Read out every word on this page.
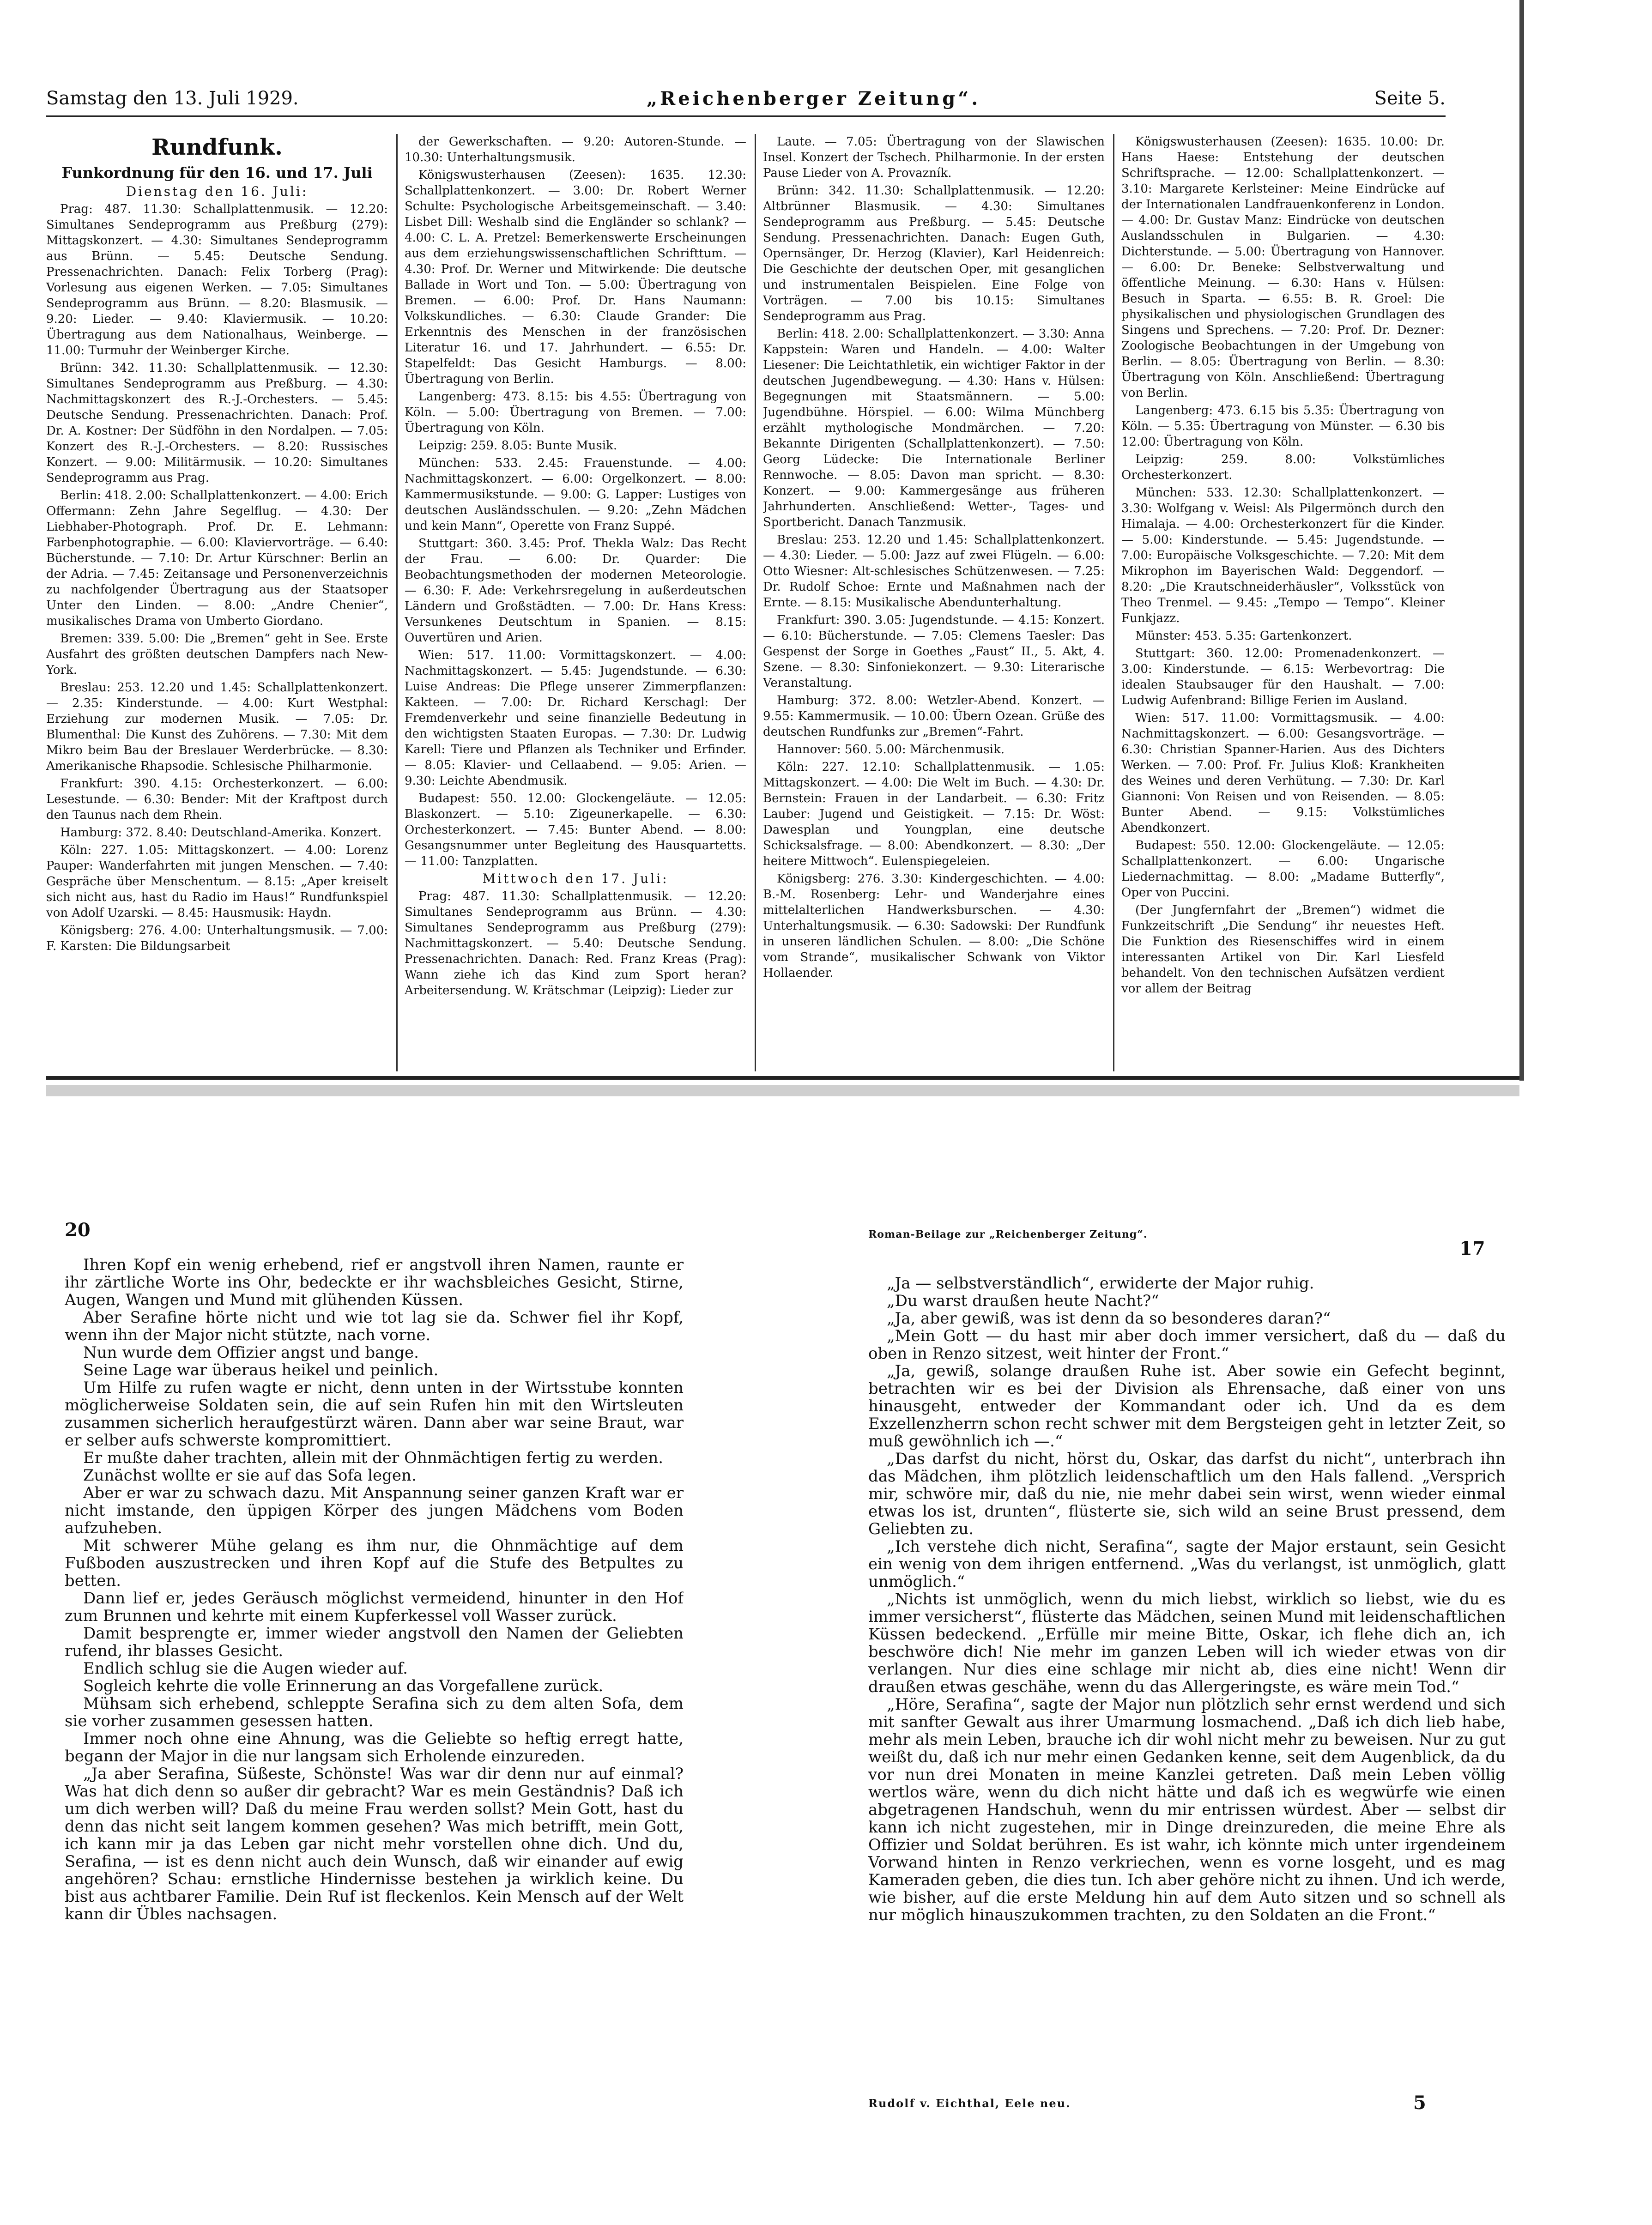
Samstag den 13. Juli 1929.	„Reichenberger Zeitung“.	Seite 5.
Rundfunk.
Funkordnung für den 16. und 17. Juli
Dienstag den 16. Juli:

Prag: 487. 11.30: Schallplattenmusik. — 12.20: Simultanes Sendeprogramm aus Preßburg (279): Mittagskonzert. — 4.30: Simultanes Sendeprogramm aus Brünn. — 5.45: Deutsche Sendung. Pressenachrichten. Danach: Felix Torberg (Prag): Vorlesung aus eigenen Werken. — 7.05: Simultanes Sendeprogramm aus Brünn. — 8.20: Blasmusik. — 9.20: Lieder. — 9.40: Klaviermusik. — 10.20: Übertragung aus dem Nationalhaus, Weinberge. — 11.00: Turmuhr der Weinberger Kirche.

Brünn: 342. 11.30: Schallplattenmusik. — 12.30: Simultanes Sendeprogramm aus Preßburg. — 4.30: Nachmittagskonzert des R.-J.-Orchesters. — 5.45: Deutsche Sendung. Pressenachrichten. Danach: Prof. Dr. A. Kostner: Der Südföhn in den Nordalpen. — 7.05: Konzert des R.-J.-Orchesters. — 8.20: Russisches Konzert. — 9.00: Militärmusik. — 10.20: Simultanes Sendeprogramm aus Prag.

Berlin: 418. 2.00: Schallplattenkonzert. — 4.00: Erich Offermann: Zehn Jahre Segelflug. — 4.30: Der Liebhaber-Photograph. Prof. Dr. E. Lehmann: Farbenphotographie. — 6.00: Klaviervorträge. — 6.40: Bücherstunde. — 7.10: Dr. Artur Kürschner: Berlin an der Adria. — 7.45: Zeitansage und Personenverzeichnis zu nachfolgender Übertragung aus der Staatsoper Unter den Linden. — 8.00: „Andre Chenier“, musikalisches Drama von Umberto Giordano.

Bremen: 339. 5.00: Die „Bremen“ geht in See. Erste Ausfahrt des größten deutschen Dampfers nach New-York.

Breslau: 253. 12.20 und 1.45: Schallplattenkonzert. — 2.35: Kinderstunde. — 4.00: Kurt Westphal: Erziehung zur modernen Musik. — 7.05: Dr. Blumenthal: Die Kunst des Zuhörens. — 7.30: Mit dem Mikro beim Bau der Breslauer Werderbrücke. — 8.30: Amerikanische Rhapsodie. Schlesische Philharmonie.

Frankfurt: 390. 4.15: Orchesterkonzert. — 6.00: Lesestunde. — 6.30: Bender: Mit der Kraftpost durch den Taunus nach dem Rhein.

Hamburg: 372. 8.40: Deutschland-Amerika. Konzert.

Köln: 227. 1.05: Mittagskonzert. — 4.00: Lorenz Pauper: Wanderfahrten mit jungen Menschen. — 7.40: Gespräche über Menschentum. — 8.15: „Aper kreiselt sich nicht aus, hast du Radio im Haus!“ Rundfunkspiel von Adolf Uzarski. — 8.45: Hausmusik: Haydn.

Königsberg: 276. 4.00: Unterhaltungsmusik. — 7.00: F. Karsten: Die Bildungsarbeit

der Gewerkschaften. — 9.20: Autoren-Stunde. — 10.30: Unterhaltungsmusik.

Königswusterhausen (Zeesen): 1635. 12.30: Schallplattenkonzert. — 3.00: Dr. Robert Werner Schulte: Psychologische Arbeitsgemeinschaft. — 3.40: Lisbet Dill: Weshalb sind die Engländer so schlank? — 4.00: C. L. A. Pretzel: Bemerkenswerte Erscheinungen aus dem erziehungswissenschaftlichen Schrifttum. — 4.30: Prof. Dr. Werner und Mitwirkende: Die deutsche Ballade in Wort und Ton. — 5.00: Übertragung von Bremen. — 6.00: Prof. Dr. Hans Naumann: Volkskundliches. — 6.30: Claude Grander: Die Erkenntnis des Menschen in der französischen Literatur 16. und 17. Jahrhundert. — 6.55: Dr. Stapelfeldt: Das Gesicht Hamburgs. — 8.00: Übertragung von Berlin.

Langenberg: 473. 8.15: bis 4.55: Übertragung von Köln. — 5.00: Übertragung von Bremen. — 7.00: Übertragung von Köln.

Leipzig: 259. 8.05: Bunte Musik.

München: 533. 2.45: Frauenstunde. — 4.00: Nachmittagskonzert. — 6.00: Orgelkonzert. — 8.00: Kammermusikstunde. — 9.00: G. Lapper: Lustiges von deutschen Ausländsschulen. — 9.20: „Zehn Mädchen und kein Mann“, Operette von Franz Suppé.

Stuttgart: 360. 3.45: Prof. Thekla Walz: Das Recht der Frau. — 6.00: Dr. Quarder: Die Beobachtungsmethoden der modernen Meteorologie. — 6.30: F. Ade: Verkehrsregelung in außerdeutschen Ländern und Großstädten. — 7.00: Dr. Hans Kress: Versunkenes Deutschtum in Spanien. — 8.15: Ouvertüren und Arien.

Wien: 517. 11.00: Vormittagskonzert. — 4.00: Nachmittagskonzert. — 5.45: Jugendstunde. — 6.30: Luise Andreas: Die Pflege unserer Zimmerpflanzen: Kakteen. — 7.00: Dr. Richard Kerschagl: Der Fremdenverkehr und seine finanzielle Bedeutung in den wichtigsten Staaten Europas. — 7.30: Dr. Ludwig Karell: Tiere und Pflanzen als Techniker und Erfinder. — 8.05: Klavier- und Cellaabend. — 9.05: Arien. — 9.30: Leichte Abendmusik.

Budapest: 550. 12.00: Glockengeläute. — 12.05: Blaskonzert. — 5.10: Zigeunerkapelle. — 6.30: Orchesterkonzert. — 7.45: Bunter Abend. — 8.00: Gesangsnummer unter Begleitung des Hausquartetts. — 11.00: Tanzplatten.

Mittwoch den 17. Juli:

Prag: 487. 11.30: Schallplattenmusik. — 12.20: Simultanes Sendeprogramm aus Brünn. — 4.30: Simultanes Sendeprogramm aus Preßburg (279): Nachmittagskonzert. — 5.40: Deutsche Sendung. Pressenachrichten. Danach: Red. Franz Kreas (Prag): Wann ziehe ich das Kind zum Sport heran? Arbeitersendung. W. Krätschmar (Leipzig): Lieder zur

Laute. — 7.05: Übertragung von der Slawischen Insel. Konzert der Tschech. Philharmonie. In der ersten Pause Lieder von A. Provazník.

Brünn: 342. 11.30: Schallplattenmusik. — 12.20: Altbrünner Blasmusik. — 4.30: Simultanes Sendeprogramm aus Preßburg. — 5.45: Deutsche Sendung. Pressenachrichten. Danach: Eugen Guth, Opernsänger, Dr. Herzog (Klavier), Karl Heidenreich: Die Geschichte der deutschen Oper, mit gesanglichen und instrumentalen Beispielen. Eine Folge von Vorträgen. — 7.00 bis 10.15: Simultanes Sendeprogramm aus Prag.

Berlin: 418. 2.00: Schallplattenkonzert. — 3.30: Anna Kappstein: Waren und Handeln. — 4.00: Walter Liesener: Die Leichtathletik, ein wichtiger Faktor in der deutschen Jugendbewegung. — 4.30: Hans v. Hülsen: Begegnungen mit Staatsmännern. — 5.00: Jugendbühne. Hörspiel. — 6.00: Wilma Münchberg erzählt mythologische Mondmärchen. — 7.20: Bekannte Dirigenten (Schallplattenkonzert). — 7.50: Georg Lüdecke: Die Internationale Berliner Rennwoche. — 8.05: Davon man spricht. — 8.30: Konzert. — 9.00: Kammergesänge aus früheren Jahrhunderten. Anschließend: Wetter-, Tages- und Sportbericht. Danach Tanzmusik.

Breslau: 253. 12.20 und 1.45: Schallplattenkonzert. — 4.30: Lieder. — 5.00: Jazz auf zwei Flügeln. — 6.00: Otto Wiesner: Alt-schlesisches Schützenwesen. — 7.25: Dr. Rudolf Schoe: Ernte und Maßnahmen nach der Ernte. — 8.15: Musikalische Abendunterhaltung.

Frankfurt: 390. 3.05: Jugendstunde. — 4.15: Konzert. — 6.10: Bücherstunde. — 7.05: Clemens Taesler: Das Gespenst der Sorge in Goethes „Faust“ II., 5. Akt, 4. Szene. — 8.30: Sinfoniekonzert. — 9.30: Literarische Veranstaltung.

Hamburg: 372. 8.00: Wetzler-Abend. Konzert. — 9.55: Kammermusik. — 10.00: Übern Ozean. Grüße des deutschen Rundfunks zur „Bremen“-Fahrt.

Hannover: 560. 5.00: Märchenmusik.

Köln: 227. 12.10: Schallplattenmusik. — 1.05: Mittagskonzert. — 4.00: Die Welt im Buch. — 4.30: Dr. Bernstein: Frauen in der Landarbeit. — 6.30: Fritz Lauber: Jugend und Geistigkeit. — 7.15: Dr. Wöst: Dawesplan und Youngplan, eine deutsche Schicksalsfrage. — 8.00: Abendkonzert. — 8.30: „Der heitere Mittwoch“. Eulenspiegeleien.

Königsberg: 276. 3.30: Kindergeschichten. — 4.00: B.-M. Rosenberg: Lehr- und Wanderjahre eines mittelalterlichen Handwerksburschen. — 4.30: Unterhaltungsmusik. — 6.30: Sadowski: Der Rundfunk in unseren ländlichen Schulen. — 8.00: „Die Schöne vom Strande“, musikalischer Schwank von Viktor Hollaender.

Königswusterhausen (Zeesen): 1635. 10.00: Dr. Hans Haese: Entstehung der deutschen Schriftsprache. — 12.00: Schallplattenkonzert. — 3.10: Margarete Kerlsteiner: Meine Eindrücke auf der Internationalen Landfrauenkonferenz in London. — 4.00: Dr. Gustav Manz: Eindrücke von deutschen Auslandsschulen in Bulgarien. — 4.30: Dichterstunde. — 5.00: Übertragung von Hannover. — 6.00: Dr. Beneke: Selbstverwaltung und öffentliche Meinung. — 6.30: Hans v. Hülsen: Besuch in Sparta. — 6.55: B. R. Groel: Die physikalischen und physiologischen Grundlagen des Singens und Sprechens. — 7.20: Prof. Dr. Dezner: Zoologische Beobachtungen in der Umgebung von Berlin. — 8.05: Übertragung von Berlin. — 8.30: Übertragung von Köln. Anschließend: Übertragung von Berlin.

Langenberg: 473. 6.15 bis 5.35: Übertragung von Köln. — 5.35: Übertragung von Münster. — 6.30 bis 12.00: Übertragung von Köln.

Leipzig: 259. 8.00: Volkstümliches Orchesterkonzert.

München: 533. 12.30: Schallplattenkonzert. — 3.30: Wolfgang v. Weisl: Als Pilgermönch durch den Himalaja. — 4.00: Orchesterkonzert für die Kinder. — 5.00: Kinderstunde. — 5.45: Jugendstunde. — 7.00: Europäische Volksgeschichte. — 7.20: Mit dem Mikrophon im Bayerischen Wald: Deggendorf. — 8.20: „Die Krautschneiderhäusler“, Volksstück von Theo Trenmel. — 9.45: „Tempo — Tempo“. Kleiner Funkjazz.

Münster: 453. 5.35: Gartenkonzert.

Stuttgart: 360. 12.00: Promenadenkonzert. — 3.00: Kinderstunde. — 6.15: Werbevortrag: Die idealen Staubsauger für den Haushalt. — 7.00: Ludwig Aufenbrand: Billige Ferien im Ausland.

Wien: 517. 11.00: Vormittagsmusik. — 4.00: Nachmittagskonzert. — 6.00: Gesangsvorträge. — 6.30: Christian Spanner-Harien. Aus des Dichters Werken. — 7.00: Prof. Fr. Julius Kloß: Krankheiten des Weines und deren Verhütung. — 7.30: Dr. Karl Giannoni: Von Reisen und von Reisenden. — 8.05: Bunter Abend. — 9.15: Volkstümliches Abendkonzert.

Budapest: 550. 12.00: Glockengeläute. — 12.05: Schallplattenkonzert. — 6.00: Ungarische Liedernachmittag. — 8.00: „Madame Butterfly“, Oper von Puccini.

(Der Jungfernfahrt der „Bremen“) widmet die Funkzeitschrift „Die Sendung“ ihr neuestes Heft. Die Funktion des Riesenschiffes wird in einem interessanten Artikel von Dir. Karl Liesfeld behandelt. Von den technischen Aufsätzen verdient vor allem der Beitrag

20	Roman-Beilage zur „Reichenberger Zeitung“.
17

Ihren Kopf ein wenig erhebend, rief er angstvoll ihren Namen, raunte er ihr zärtliche Worte ins Ohr, bedeckte er ihr wachsbleiches Gesicht, Stirne, Augen, Wangen und Mund mit glühenden Küssen.

Aber Serafine hörte nicht und wie tot lag sie da. Schwer fiel ihr Kopf, wenn ihn der Major nicht stützte, nach vorne.

Nun wurde dem Offizier angst und bange.

Seine Lage war überaus heikel und peinlich.

Um Hilfe zu rufen wagte er nicht, denn unten in der Wirtsstube konnten möglicherweise Soldaten sein, die auf sein Rufen hin mit den Wirtsleuten zusammen sicherlich heraufgestürzt wären. Dann aber war seine Braut, war er selber aufs schwerste kompromittiert.

Er mußte daher trachten, allein mit der Ohnmächtigen fertig zu werden.

Zunächst wollte er sie auf das Sofa legen.

Aber er war zu schwach dazu. Mit Anspannung seiner ganzen Kraft war er nicht imstande, den üppigen Körper des jungen Mädchens vom Boden aufzuheben.

Mit schwerer Mühe gelang es ihm nur, die Ohnmächtige auf dem Fußboden auszustrecken und ihren Kopf auf die Stufe des Betpultes zu betten.

Dann lief er, jedes Geräusch möglichst vermeidend, hinunter in den Hof zum Brunnen und kehrte mit einem Kupferkessel voll Wasser zurück.

Damit besprengte er, immer wieder angstvoll den Namen der Geliebten rufend, ihr blasses Gesicht.

Endlich schlug sie die Augen wieder auf.

Sogleich kehrte die volle Erinnerung an das Vorgefallene zurück.

Mühsam sich erhebend, schleppte Serafina sich zu dem alten Sofa, dem sie vorher zusammen gesessen hatten.

Immer noch ohne eine Ahnung, was die Geliebte so heftig erregt hatte, begann der Major in die nur langsam sich Erholende einzureden.

„Ja aber Serafina, Süßeste, Schönste! Was war dir denn nur auf einmal? Was hat dich denn so außer dir gebracht? War es mein Geständnis? Daß ich um dich werben will? Daß du meine Frau werden sollst? Mein Gott, hast du denn das nicht seit langem kommen gesehen? Was mich betrifft, mein Gott, ich kann mir ja das Leben gar nicht mehr vorstellen ohne dich. Und du, Serafina, — ist es denn nicht auch dein Wunsch, daß wir einander auf ewig angehören? Schau: ernstliche Hindernisse bestehen ja wirklich keine. Du bist aus achtbarer Familie. Dein Ruf ist fleckenlos. Kein Mensch auf der Welt kann dir Übles nachsagen.

„Ja — selbstverständlich“, erwiderte der Major ruhig.

„Du warst draußen heute Nacht?“

„Ja, aber gewiß, was ist denn da so besonderes daran?“

„Mein Gott — du hast mir aber doch immer versichert, daß du — daß du oben in Renzo sitzest, weit hinter der Front.“

„Ja, gewiß, solange draußen Ruhe ist. Aber sowie ein Gefecht beginnt, betrachten wir es bei der Division als Ehrensache, daß einer von uns hinausgeht, entweder der Kommandant oder ich. Und da es dem Exzellenzherrn schon recht schwer mit dem Bergsteigen geht in letzter Zeit, so muß gewöhnlich ich —.“

„Das darfst du nicht, hörst du, Oskar, das darfst du nicht“, unterbrach ihn das Mädchen, ihm plötzlich leidenschaftlich um den Hals fallend. „Versprich mir, schwöre mir, daß du nie, nie mehr dabei sein wirst, wenn wieder einmal etwas los ist, drunten“, flüsterte sie, sich wild an seine Brust pressend, dem Geliebten zu.

„Ich verstehe dich nicht, Serafina“, sagte der Major erstaunt, sein Gesicht ein wenig von dem ihrigen entfernend. „Was du verlangst, ist unmöglich, glatt unmöglich.“

„Nichts ist unmöglich, wenn du mich liebst, wirklich so liebst, wie du es immer versicherst“, flüsterte das Mädchen, seinen Mund mit leidenschaftlichen Küssen bedeckend. „Erfülle mir meine Bitte, Oskar, ich flehe dich an, ich beschwöre dich! Nie mehr im ganzen Leben will ich wieder etwas von dir verlangen. Nur dies eine schlage mir nicht ab, dies eine nicht! Wenn dir draußen etwas geschähe, wenn du das Allergeringste, es wäre mein Tod.“

„Höre, Serafina“, sagte der Major nun plötzlich sehr ernst werdend und sich mit sanfter Gewalt aus ihrer Umarmung losmachend. „Daß ich dich lieb habe, mehr als mein Leben, brauche ich dir wohl nicht mehr zu beweisen. Nur zu gut weißt du, daß ich nur mehr einen Gedanken kenne, seit dem Augenblick, da du vor nun drei Monaten in meine Kanzlei getreten. Daß mein Leben völlig wertlos wäre, wenn du dich nicht hätte und daß ich es wegwürfe wie einen abgetragenen Handschuh, wenn du mir entrissen würdest. Aber — selbst dir kann ich nicht zugestehen, mir in Dinge dreinzureden, die meine Ehre als Offizier und Soldat berühren. Es ist wahr, ich könnte mich unter irgendeinem Vorwand hinten in Renzo verkriechen, wenn es vorne losgeht, und es mag Kameraden geben, die dies tun. Ich aber gehöre nicht zu ihnen. Und ich werde, wie bisher, auf die erste Meldung hin auf dem Auto sitzen und so schnell als nur möglich hinauszukommen trachten, zu den Soldaten an die Front.“

Rudolf v. Eichthal, Eele neu.	5
